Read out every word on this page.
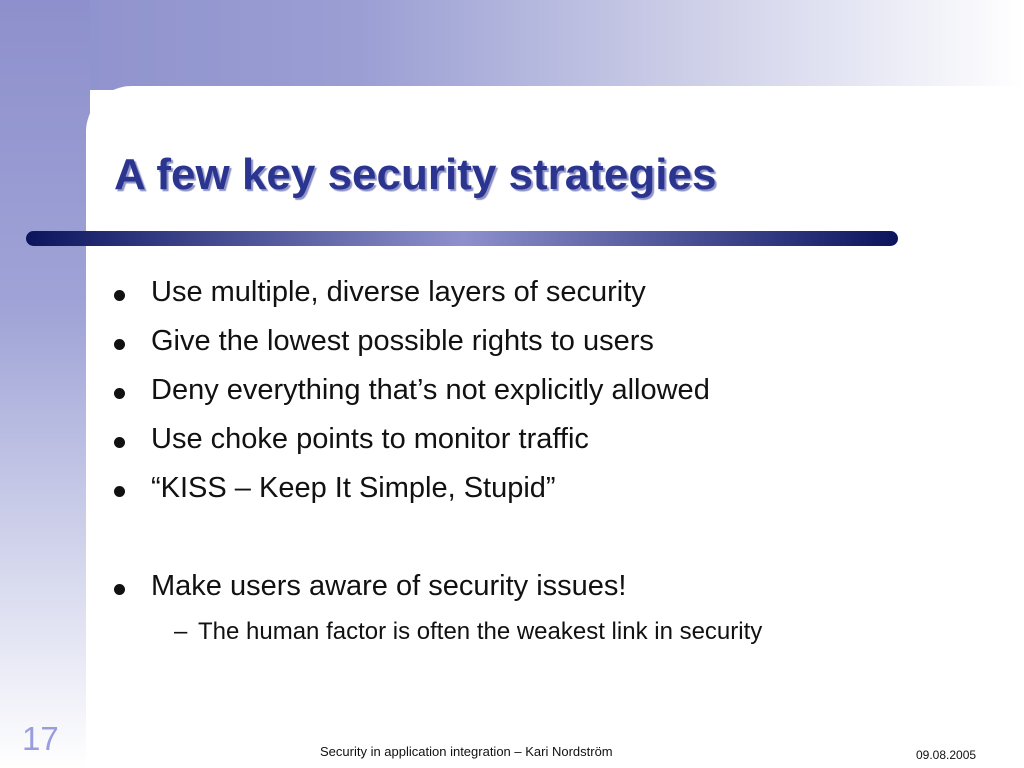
A few key security strategies
Use multiple, diverse layers of security
Give the lowest possible rights to users
Deny everything that’s not explicitly allowed
Use choke points to monitor traffic
“KISS – Keep It Simple, Stupid”
Make users aware of security issues!
– The human factor is often the weakest link in security
17	Security in application integration – Kari Nordström	09.08.2005
